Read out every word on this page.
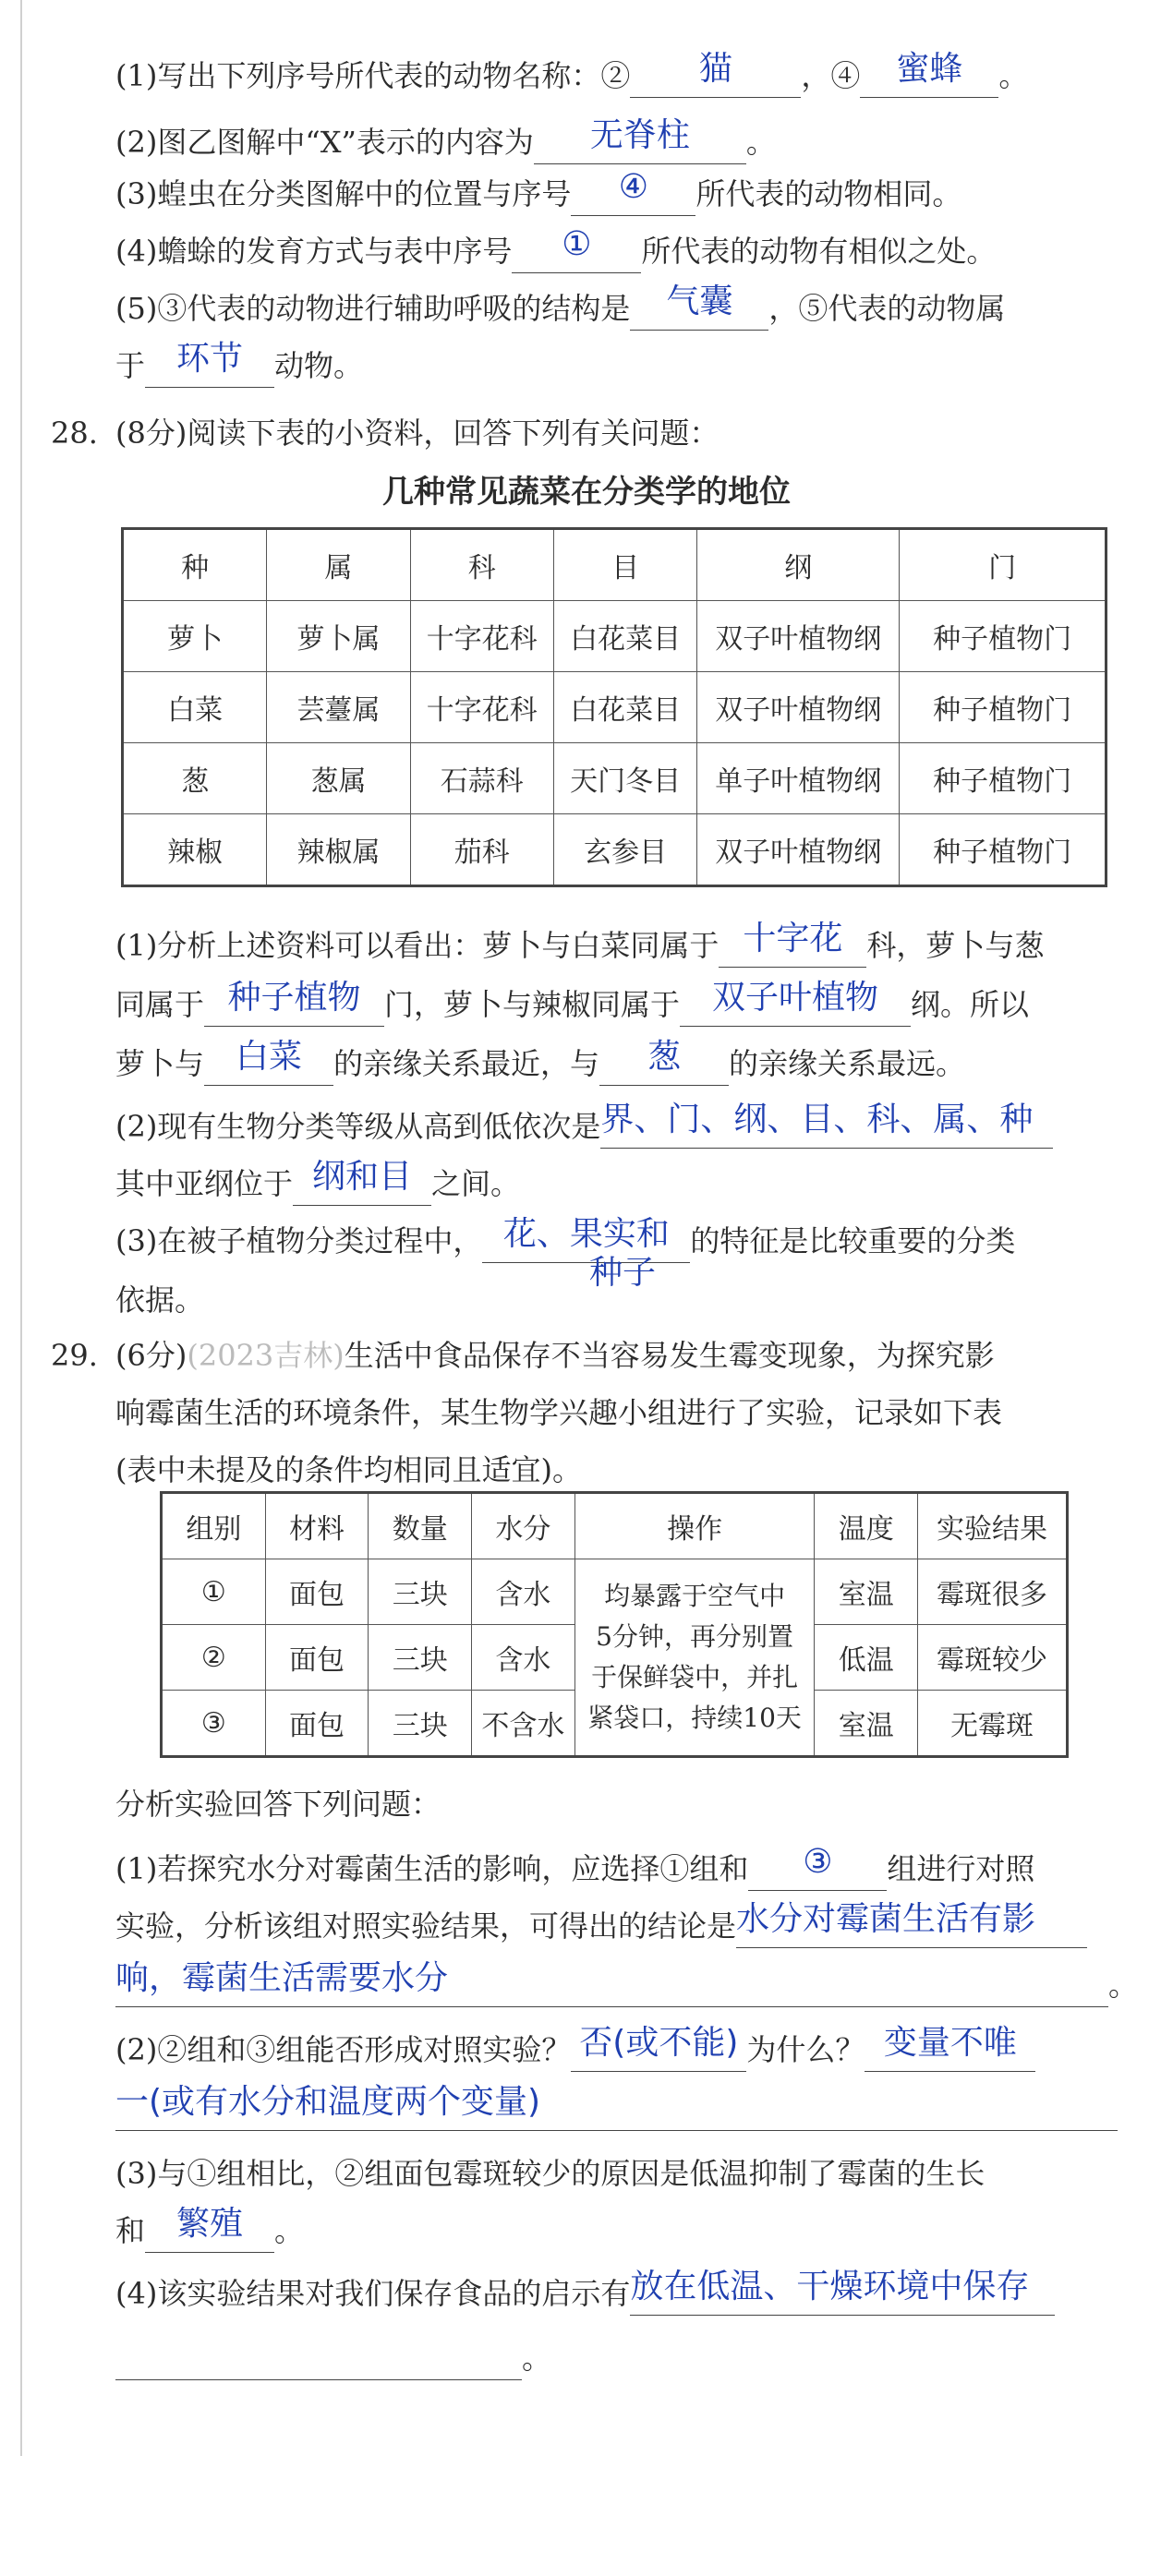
(1)写出下列序号所代表的动物名称：②	猫	，④	蜜蜂	。
(2)图乙图解中“X”表示的内容为	无脊柱	。
(3)蝗虫在分类图解中的位置与序号	④	所代表的动物相同。
(4)蟾蜍的发育方式与表中序号	①	所代表的动物有相似之处。
(5)③代表的动物进行辅助呼吸的结构是	气囊	，⑤代表的动物属
于 环节	动物。
28. (8分)阅读下表的小资料，回答下列有关问题：
几种常见蔬菜在分类学的地位
种	属	科	目	纲	门
萝卜	萝卜属	十字花科	白花菜目	双子叶植物纲	种子植物门
白菜	芸薹属	十字花科	白花菜目	双子叶植物纲	种子植物门
葱	葱属	石蒜科	天门冬目	单子叶植物纲	种子植物门
辣椒	辣椒属	茄科	玄参目	双子叶植物纲	种子植物门
(1)分析上述资料可以看出：萝卜与白菜同属于 十字花 科，萝卜与葱
同属于 种子植物 门，萝卜与辣椒同属于 双子叶植物	纲。所以
萝卜与 白菜	的亲缘关系最近，与	葱	的亲缘关系最远。
(2)现有生物分类等级从高到低依次是 界、门、纲、目、科、属、种
其中亚纲位于 纲和目 之间。
(3)在被子植物分类过程中， 花、果实和 的特征是比较重要的分类
依据。
种子
29. (6分)(2023吉林)生活中食品保存不当容易发生霉变现象，为探究影
响霉菌生活的环境条件，某生物学兴趣小组进行了实验，记录如下表
(表中未提及的条件均相同且适宜)。
组别	材料	数量	水分	操作	温度	实验结果
①	面包	三块	含水	均暴露于空气中
5分钟，再分别置
于保鲜袋中，并扎
紧袋口，持续10天	室温	霉斑很多
②	面包	三块	含水		低温	霉斑较少
③	面包	三块	不含水		室温	无霉斑
分析实验回答下列问题：
(1)若探究水分对霉菌生活的影响，应选择①组和	③	组进行对照
实验，分析该组对照实验结果，可得出的结论是 水分对霉菌生活有影
响，霉菌生活需要水分	。
(2)②组和③组能否形成对照实验？ 否(或不能) 为什么？ 变量不唯
一(或有水分和温度两个变量)
(3)与①组相比，②组面包霉斑较少的原因是低温抑制了霉菌的生长
和 繁殖	。
(4)该实验结果对我们保存食品的启示有 放在低温、干燥环境中保存
。
